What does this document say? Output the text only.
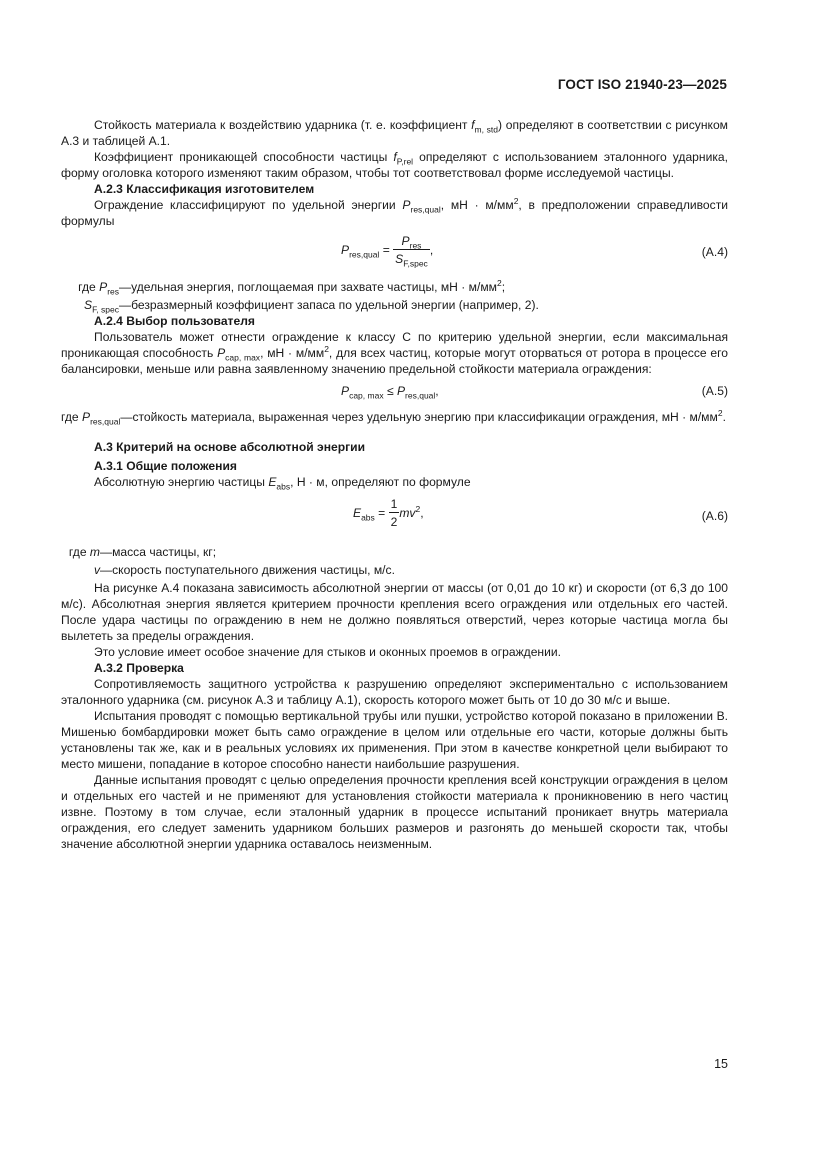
ГОСТ ISO 21940-23—2025

Стойкость материала к воздействию ударника (т. е. коэффициент $f_{m, std}$) определяют в соответствии с рисунком А.3 и таблицей А.1.

Коэффициент проникающей способности частицы $f_{P,rel}$ определяют с использованием эталонного ударника, форму оголовка которого изменяют таким образом, чтобы тот соответствовал форме исследуемой частицы.

А.2.3 Классификация изготовителем

Ограждение классифицируют по удельной энергии $P_{res,qual}$, мН · $м/мм^2$, в предположении справедливости формулы

$P_{res,qual} = \frac{P_{res}}{S_{F,spec}}$ ,	(A.4)
где $P_{res}$ — удельная энергия, поглощаемая при захвате частицы, мН · $м/мм^2$;
$S_{F, spec}$ — безразмерный коэффициент запаса по удельной энергии (например, 2).

А.2.4 Выбор пользователя

Пользователь может отнести ограждение к классу С по критерию удельной энергии, если максимальная проникающая способность $P_{cap, max}$, мН · $м/мм^2$, для всех частиц, которые могут оторваться от ротора в процессе его балансировки, меньше или равна заявленному значению предельной стойкости материала ограждения:

$P_{cap, max} \le P_{res,qual}$,	(A.5)
где $P_{res,qual}$ — стойкость материала, выраженная через удельную энергию при классификации ограждения, мН · $м/мм^2$.

А.3 Критерий на основе абсолютной энергии

А.3.1 Общие положения

Абсолютную энергию частицы $E_{abs}$, Н · м, определяют по формуле

$E_{abs} = \frac{1}{2} mv^2$,	(A.6)
где m — масса частицы, кг;
v — скорость поступательного движения частицы, м/с.

На рисунке А.4 показана зависимость абсолютной энергии от массы (от 0,01 до 10 кг) и скорости (от 6,3 до 100 м/с). Абсолютная энергия является критерием прочности крепления всего ограждения или отдельных его частей. После удара частицы по ограждению в нем не должно появляться отверстий, через которые частица могла бы вылететь за пределы ограждения.

Это условие имеет особое значение для стыков и оконных проемов в ограждении.

А.3.2 Проверка

Сопротивляемость защитного устройства к разрушению определяют экспериментально с использованием эталонного ударника (см. рисунок А.3 и таблицу А.1), скорость которого может быть от 10 до 30 м/с и выше.

Испытания проводят с помощью вертикальной трубы или пушки, устройство которой показано в приложении В. Мишенью бомбардировки может быть само ограждение в целом или отдельные его части, которые должны быть установлены так же, как и в реальных условиях их применения. При этом в качестве конкретной цели выбирают то место мишени, попадание в которое способно нанести наибольшие разрушения.

Данные испытания проводят с целью определения прочности крепления всей конструкции ограждения в целом и отдельных его частей и не применяют для установления стойкости материала к проникновению в него частиц извне. Поэтому в том случае, если эталонный ударник в процессе испытаний проникает внутрь материала ограждения, его следует заменить ударником больших размеров и разгонять до меньшей скорости так, чтобы значение абсолютной энергии ударника оставалось неизменным.

15
